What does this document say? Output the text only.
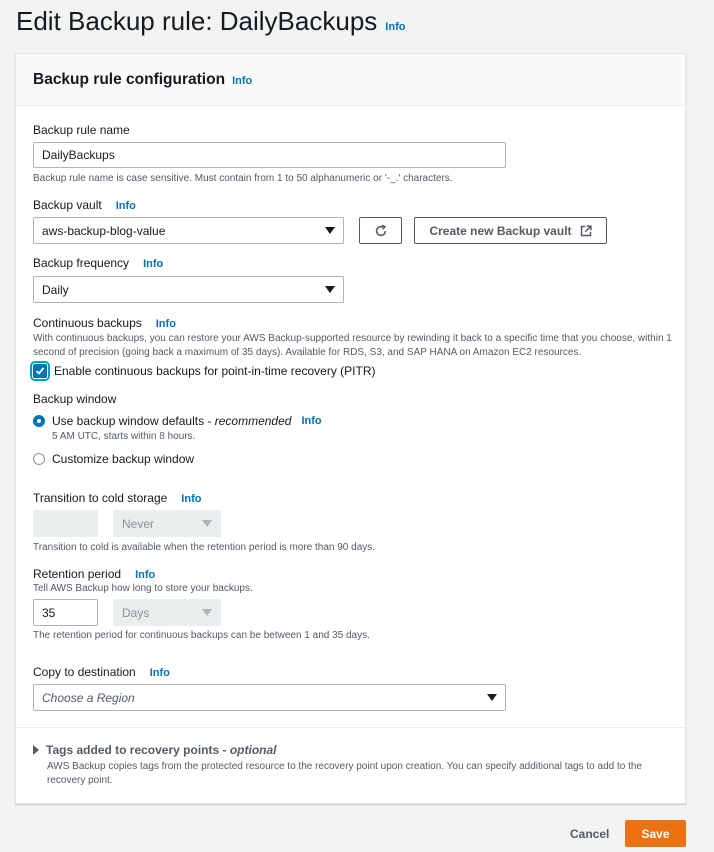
Edit Backup rule: DailyBackups Info
Backup rule configuration Info
Backup rule name
DailyBackups
Backup rule name is case sensitive. Must contain from 1 to 50 alphanumeric or '-_.' characters.
Backup vault Info
aws-backup-blog-value	Create new Backup vault
Backup frequency Info
Daily
Continuous backups Info
With continuous backups, you can restore your AWS Backup-supported resource by rewinding it back to a specific time that you choose, within 1 second of precision (going back a maximum of 35 days). Available for RDS, S3, and SAP HANA on Amazon EC2 resources.
Enable continuous backups for point-in-time recovery (PITR)
Backup window
Use backup window defaults - recommended Info
5 AM UTC, starts within 8 hours.
Customize backup window
Transition to cold storage Info
Never
Transition to cold is available when the retention period is more than 90 days.
Retention period Info
Tell AWS Backup how long to store your backups.
35	Days
The retention period for continuous backups can be between 1 and 35 days.
Copy to destination Info
Choose a Region
Tags added to recovery points - optional
AWS Backup copies tags from the protected resource to the recovery point upon creation. You can specify additional tags to add to the recovery point.
Cancel	Save
